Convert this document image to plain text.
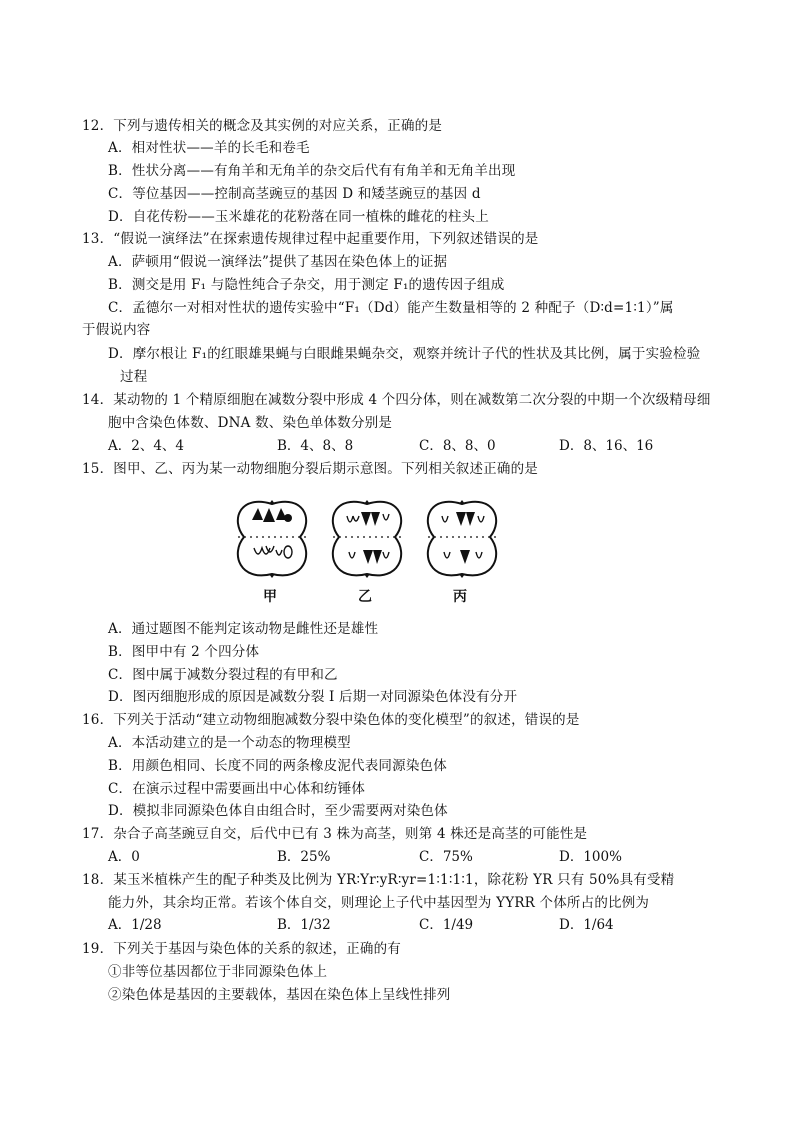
12．下列与遗传相关的概念及其实例的对应关系，正确的是
A．相对性状——羊的长毛和卷毛
B．性状分离——有角羊和无角羊的杂交后代有有角羊和无角羊出现
C．等位基因——控制高茎豌豆的基因 D 和矮茎豌豆的基因 d
D．自花传粉——玉米雄花的花粉落在同一植株的雌花的柱头上
13．“假说一演绎法”在探索遗传规律过程中起重要作用，下列叙述错误的是
A．萨顿用“假说一演绎法”提供了基因在染色体上的证据
B．测交是用 F₁ 与隐性纯合子杂交，用于测定 F₁的遗传因子组成
C．孟德尔一对相对性状的遗传实验中“F₁（Dd）能产生数量相等的 2 种配子（D∶d=1∶1）”属
于假说内容
D．摩尔根让 F₁的红眼雄果蝇与白眼雌果蝇杂交，观察并统计子代的性状及其比例，属于实验检验
过程
14．某动物的 1 个精原细胞在减数分裂中形成 4 个四分体，则在减数第二次分裂的中期一个次级精母细
胞中含染色体数、DNA 数、染色单体数分别是
A．2、4、4	B．4、8、8	C．8、8、0	D．8、16、16
15．图甲、乙、丙为某一动物细胞分裂后期示意图。下列相关叙述正确的是
甲	乙	丙
A．通过题图不能判定该动物是雌性还是雄性
B．图甲中有 2 个四分体
C．图中属于减数分裂过程的有甲和乙
D．图丙细胞形成的原因是减数分裂 I 后期一对同源染色体没有分开
16．下列关于活动“建立动物细胞减数分裂中染色体的变化模型”的叙述，错误的是
A．本活动建立的是一个动态的物理模型
B．用颜色相同、长度不同的两条橡皮泥代表同源染色体
C．在演示过程中需要画出中心体和纺锤体
D．模拟非同源染色体自由组合时，至少需要两对染色体
17．杂合子高茎豌豆自交，后代中已有 3 株为高茎，则第 4 株还是高茎的可能性是
A．0	B．25%	C．75%	D．100%
18．某玉米植株产生的配子种类及比例为 YR∶Yr∶yR∶yr=1∶1∶1∶1，除花粉 YR 只有 50%具有受精
能力外，其余均正常。若该个体自交，则理论上子代中基因型为 YYRR 个体所占的比例为
A．1/28	B．1/32	C．1/49	D．1/64
19．下列关于基因与染色体的关系的叙述，正确的有
①非等位基因都位于非同源染色体上
②染色体是基因的主要载体，基因在染色体上呈线性排列
